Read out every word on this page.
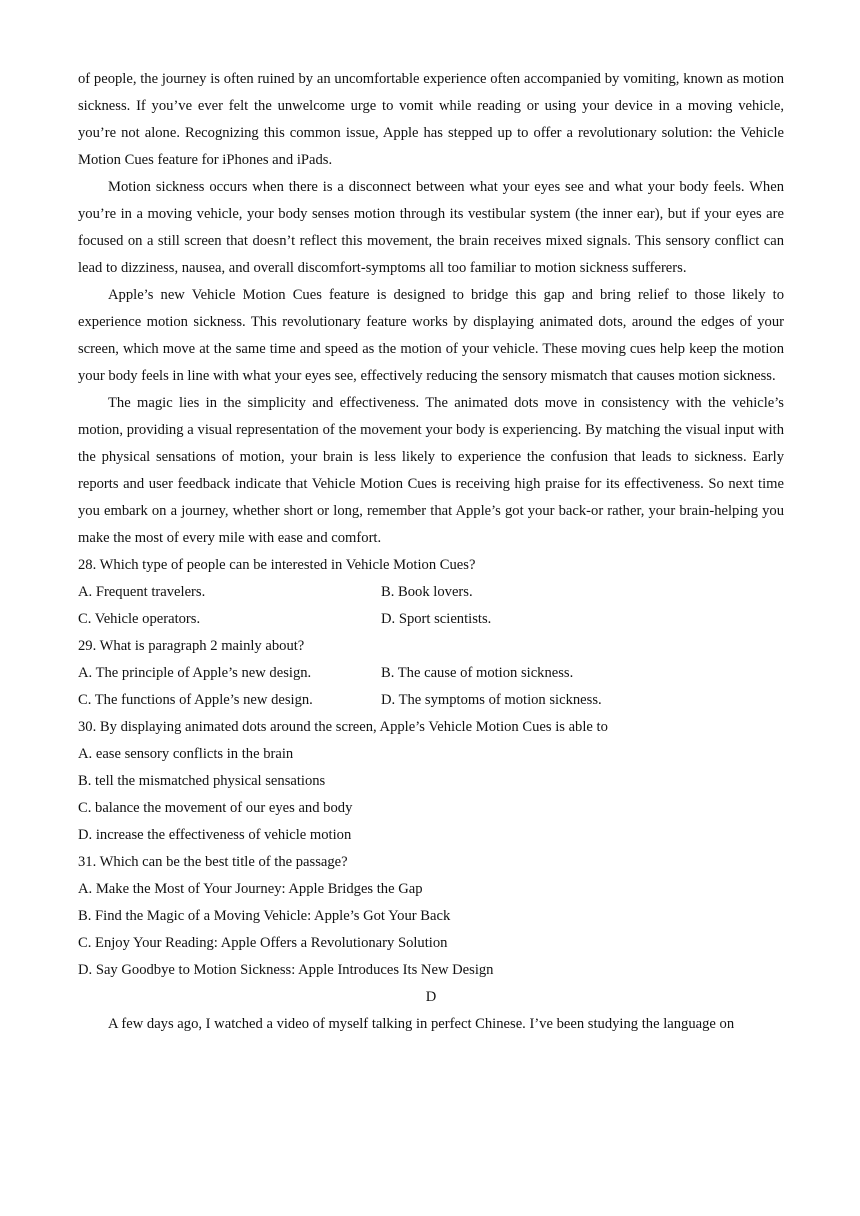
of people, the journey is often ruined by an uncomfortable experience often accompanied by vomiting, known as motion sickness. If you’ve ever felt the unwelcome urge to vomit while reading or using your device in a moving vehicle, you’re not alone. Recognizing this common issue, Apple has stepped up to offer a revolutionary solution: the Vehicle Motion Cues feature for iPhones and iPads.

Motion sickness occurs when there is a disconnect between what your eyes see and what your body feels. When you’re in a moving vehicle, your body senses motion through its vestibular system (the inner ear), but if your eyes are focused on a still screen that doesn’t reflect this movement, the brain receives mixed signals. This sensory conflict can lead to dizziness, nausea, and overall discomfort-symptoms all too familiar to motion sickness sufferers.

Apple’s new Vehicle Motion Cues feature is designed to bridge this gap and bring relief to those likely to experience motion sickness. This revolutionary feature works by displaying animated dots, around the edges of your screen, which move at the same time and speed as the motion of your vehicle. These moving cues help keep the motion your body feels in line with what your eyes see, effectively reducing the sensory mismatch that causes motion sickness.

The magic lies in the simplicity and effectiveness. The animated dots move in consistency with the vehicle’s motion, providing a visual representation of the movement your body is experiencing. By matching the visual input with the physical sensations of motion, your brain is less likely to experience the confusion that leads to sickness. Early reports and user feedback indicate that Vehicle Motion Cues is receiving high praise for its effectiveness. So next time you embark on a journey, whether short or long, remember that Apple’s got your back-or rather, your brain-helping you make the most of every mile with ease and comfort.

28. Which type of people can be interested in Vehicle Motion Cues?
A. Frequent travelers.	B. Book lovers.
C. Vehicle operators.	D. Sport scientists.
29. What is paragraph 2 mainly about?
A. The principle of Apple’s new design.	B. The cause of motion sickness.
C. The functions of Apple’s new design.	D. The symptoms of motion sickness.
30. By displaying animated dots around the screen, Apple’s Vehicle Motion Cues is able to
A. ease sensory conflicts in the brain
B. tell the mismatched physical sensations
C. balance the movement of our eyes and body
D. increase the effectiveness of vehicle motion
31. Which can be the best title of the passage?
A. Make the Most of Your Journey: Apple Bridges the Gap
B. Find the Magic of a Moving Vehicle: Apple’s Got Your Back
C. Enjoy Your Reading: Apple Offers a Revolutionary Solution
D. Say Goodbye to Motion Sickness: Apple Introduces Its New Design
D

A few days ago, I watched a video of myself talking in perfect Chinese. I’ve been studying the language on
